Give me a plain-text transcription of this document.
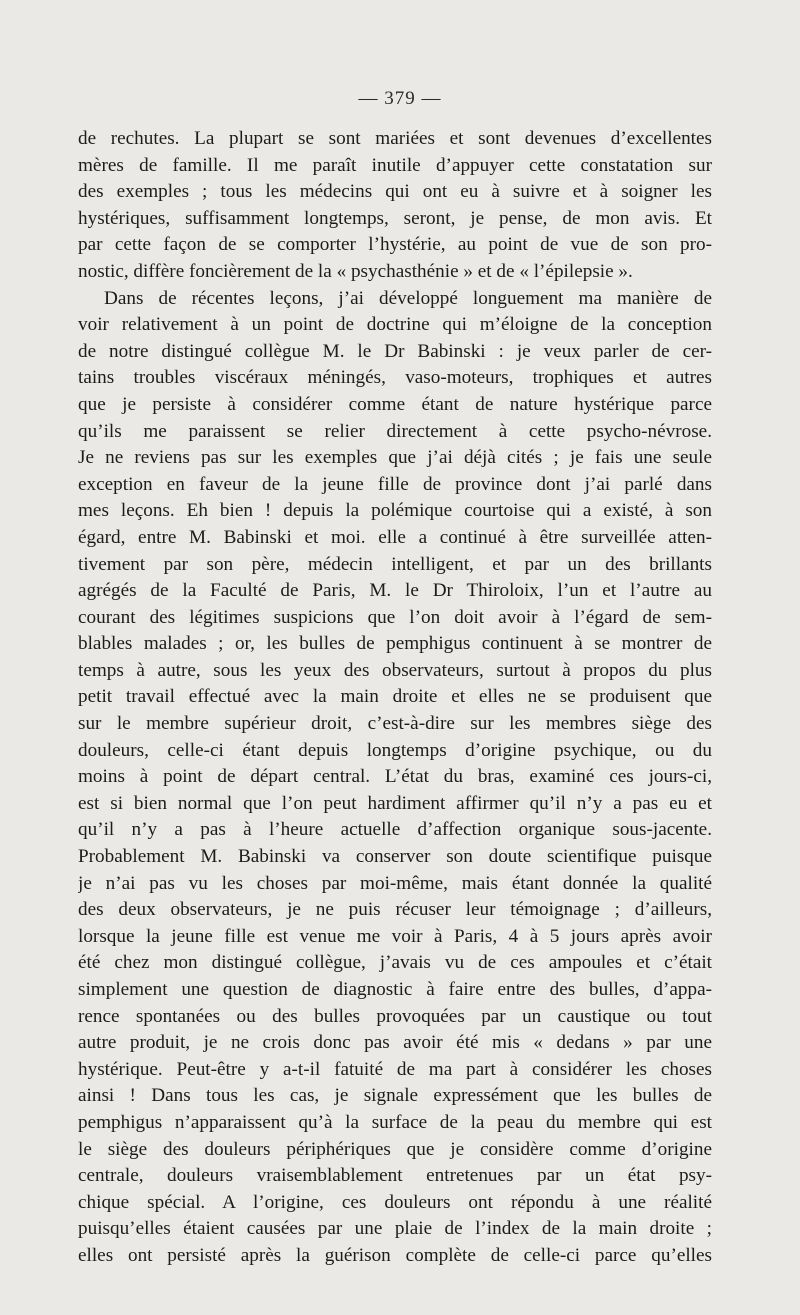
— 379 —
de rechutes. La plupart se sont mariées et sont devenues d’excellentes
mères de famille. Il me paraît inutile d’appuyer cette constatation sur
des exemples ; tous les médecins qui ont eu à suivre et à soigner les
hystériques, suffisamment longtemps, seront, je pense, de mon avis. Et
par cette façon de se comporter l’hystérie, au point de vue de son pro-
nostic, diffère foncièrement de la « psychasthénie » et de « l’épilepsie ».
Dans de récentes leçons, j’ai développé longuement ma manière de
voir relativement à un point de doctrine qui m’éloigne de la conception
de notre distingué collègue M. le Dr Babinski : je veux parler de cer-
tains troubles viscéraux méningés, vaso-moteurs, trophiques et autres
que je persiste à considérer comme étant de nature hystérique parce
qu’ils me paraissent se relier directement à cette psycho-névrose.
Je ne reviens pas sur les exemples que j’ai déjà cités ; je fais une seule
exception en faveur de la jeune fille de province dont j’ai parlé dans
mes leçons. Eh bien ! depuis la polémique courtoise qui a existé, à son
égard, entre M. Babinski et moi. elle a continué à être surveillée atten-
tivement par son père, médecin intelligent, et par un des brillants
agrégés de la Faculté de Paris, M. le Dr Thiroloix, l’un et l’autre au
courant des légitimes suspicions que l’on doit avoir à l’égard de sem-
blables malades ; or, les bulles de pemphigus continuent à se montrer de
temps à autre, sous les yeux des observateurs, surtout à propos du plus
petit travail effectué avec la main droite et elles ne se produisent que
sur le membre supérieur droit, c’est-à-dire sur les membres siège des
douleurs, celle-ci étant depuis longtemps d’origine psychique, ou du
moins à point de départ central. L’état du bras, examiné ces jours-ci,
est si bien normal que l’on peut hardiment affirmer qu’il n’y a pas eu et
qu’il n’y a pas à l’heure actuelle d’affection organique sous-jacente.
Probablement M. Babinski va conserver son doute scientifique puisque
je n’ai pas vu les choses par moi-même, mais étant donnée la qualité
des deux observateurs, je ne puis récuser leur témoignage ; d’ailleurs,
lorsque la jeune fille est venue me voir à Paris, 4 à 5 jours après avoir
été chez mon distingué collègue, j’avais vu de ces ampoules et c’était
simplement une question de diagnostic à faire entre des bulles, d’appa-
rence spontanées ou des bulles provoquées par un caustique ou tout
autre produit, je ne crois donc pas avoir été mis « dedans » par une
hystérique. Peut-être y a-t-il fatuité de ma part à considérer les choses
ainsi ! Dans tous les cas, je signale expressément que les bulles de
pemphigus n’apparaissent qu’à la surface de la peau du membre qui est
le siège des douleurs périphériques que je considère comme d’origine
centrale, douleurs vraisemblablement entretenues par un état psy-
chique spécial. A l’origine, ces douleurs ont répondu à une réalité
puisqu’elles étaient causées par une plaie de l’index de la main droite ;
elles ont persisté après la guérison complète de celle-ci parce qu’elles
